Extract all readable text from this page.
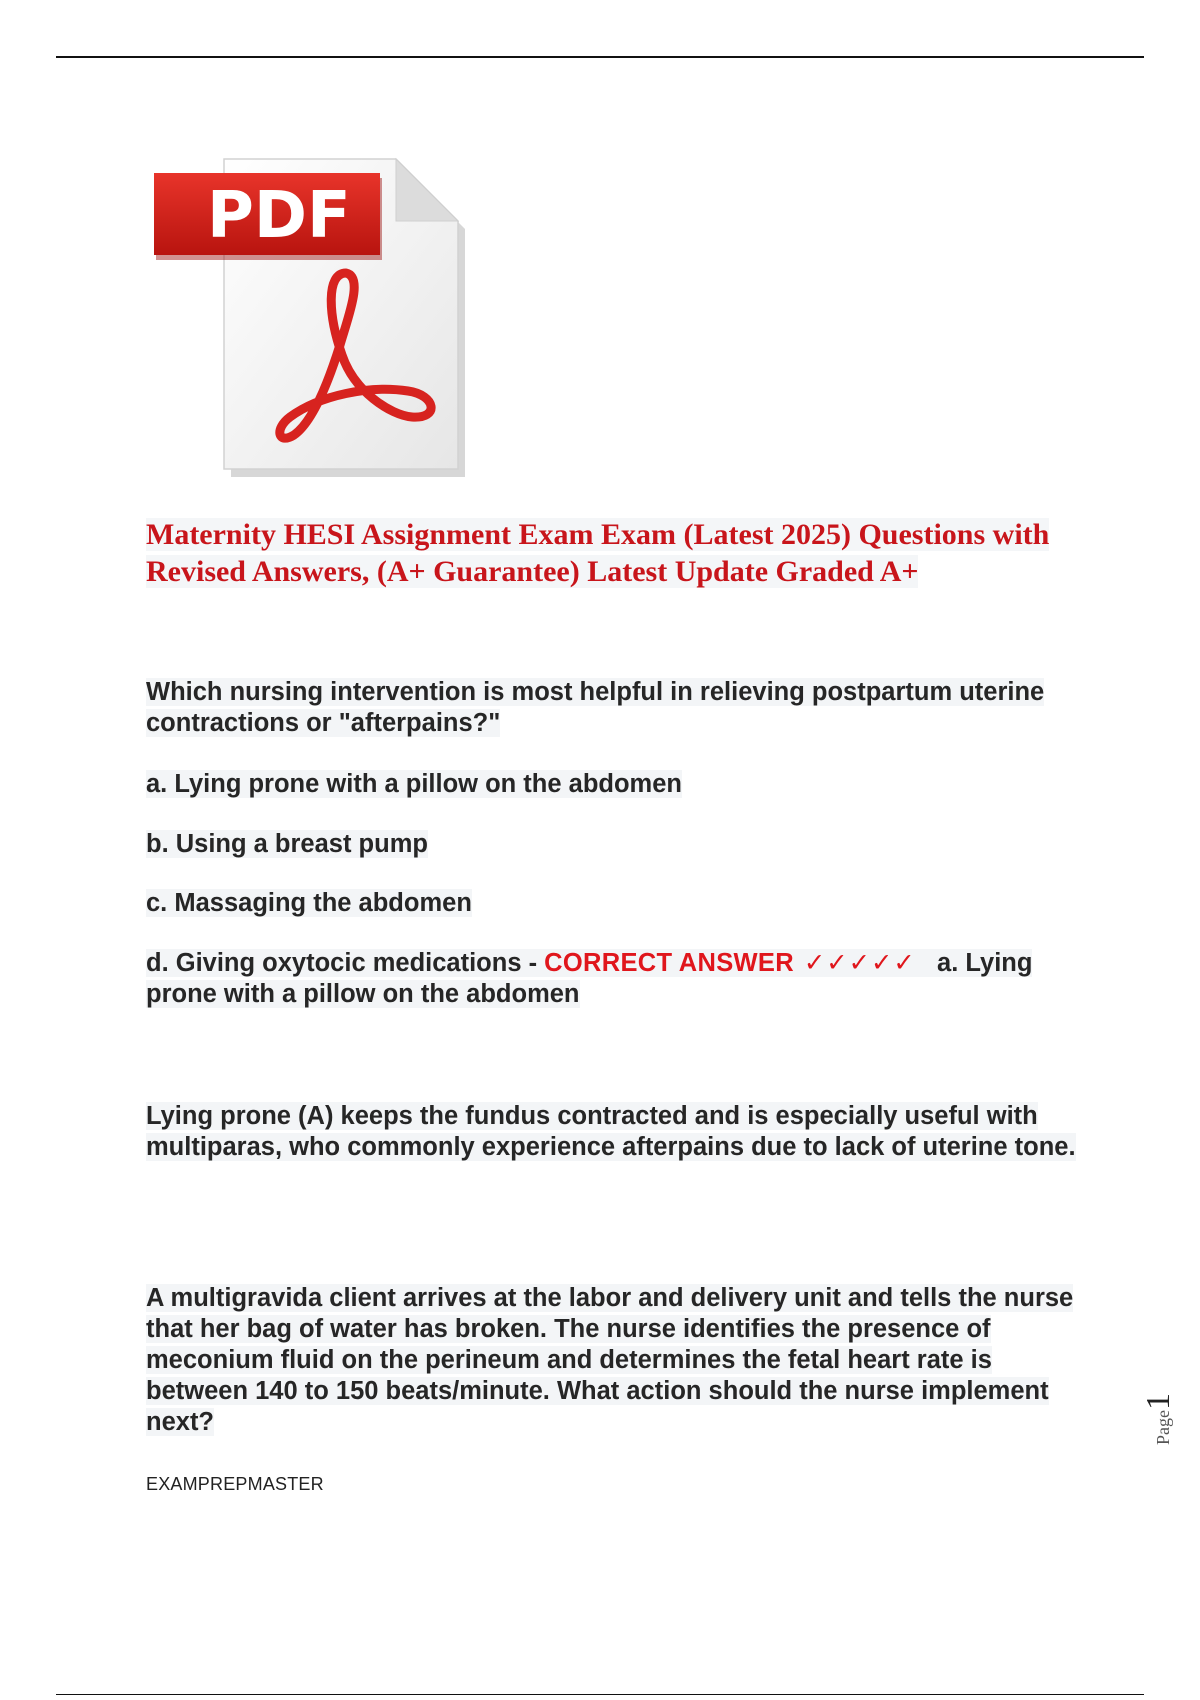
PDF
Maternity HESI Assignment Exam Exam (Latest 2025) Questions with Revised Answers, (A+ Guarantee) Latest Update Graded A+
Which nursing intervention is most helpful in relieving postpartum uterine contractions or "afterpains?"
a. Lying prone with a pillow on the abdomen
b. Using a breast pump
c. Massaging the abdomen
d. Giving oxytocic medications - CORRECT ANSWER ✓✓✓✓✓ a. Lying prone with a pillow on the abdomen
Lying prone (A) keeps the fundus contracted and is especially useful with multiparas, who commonly experience afterpains due to lack of uterine tone.
A multigravida client arrives at the labor and delivery unit and tells the nurse that her bag of water has broken. The nurse identifies the presence of meconium fluid on the perineum and determines the fetal heart rate is between 140 to 150 beats/minute. What action should the nurse implement next?
EXAMPREPMASTER
Page1
